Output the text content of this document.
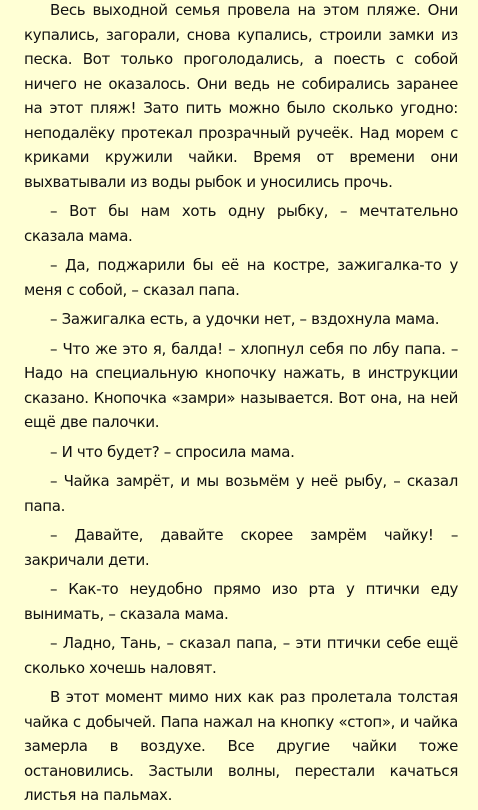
Весь выходной семья провела на этом пляже. Они купались, загорали, снова купались, строили замки из песка. Вот только проголодались, а поесть с собой ничего не оказалось. Они ведь не собирались заранее на этот пляж! Зато пить можно было сколько угодно: неподалёку протекал прозрачный ручеёк. Над морем с криками кружили чайки. Время от времени они выхватывали из воды рыбок и уносились прочь.

– Вот бы нам хоть одну рыбку, – мечтательно сказала мама.

– Да, поджарили бы её на костре, зажигалка-то у меня с собой, – сказал папа.

– Зажигалка есть, а удочки нет, – вздохнула мама.

– Что же это я, балда! – хлопнул себя по лбу папа. – Надо на специальную кнопочку нажать, в инструкции сказано. Кнопочка «замри» называется. Вот она, на ней ещё две палочки.

– И что будет? – спросила мама.

– Чайка замрёт, и мы возьмём у неё рыбу, – сказал папа.

– Давайте, давайте скорее замрём чайку! – закричали дети.

– Как-то неудобно прямо изо рта у птички еду вынимать, – сказала мама.

– Ладно, Тань, – сказал папа, – эти птички себе ещё сколько хочешь наловят.

В этот момент мимо них как раз пролетала толстая чайка с добычей. Папа нажал на кнопку «стоп», и чайка замерла в воздухе. Все другие чайки тоже остановились. Застыли волны, перестали качаться листья на пальмах.
